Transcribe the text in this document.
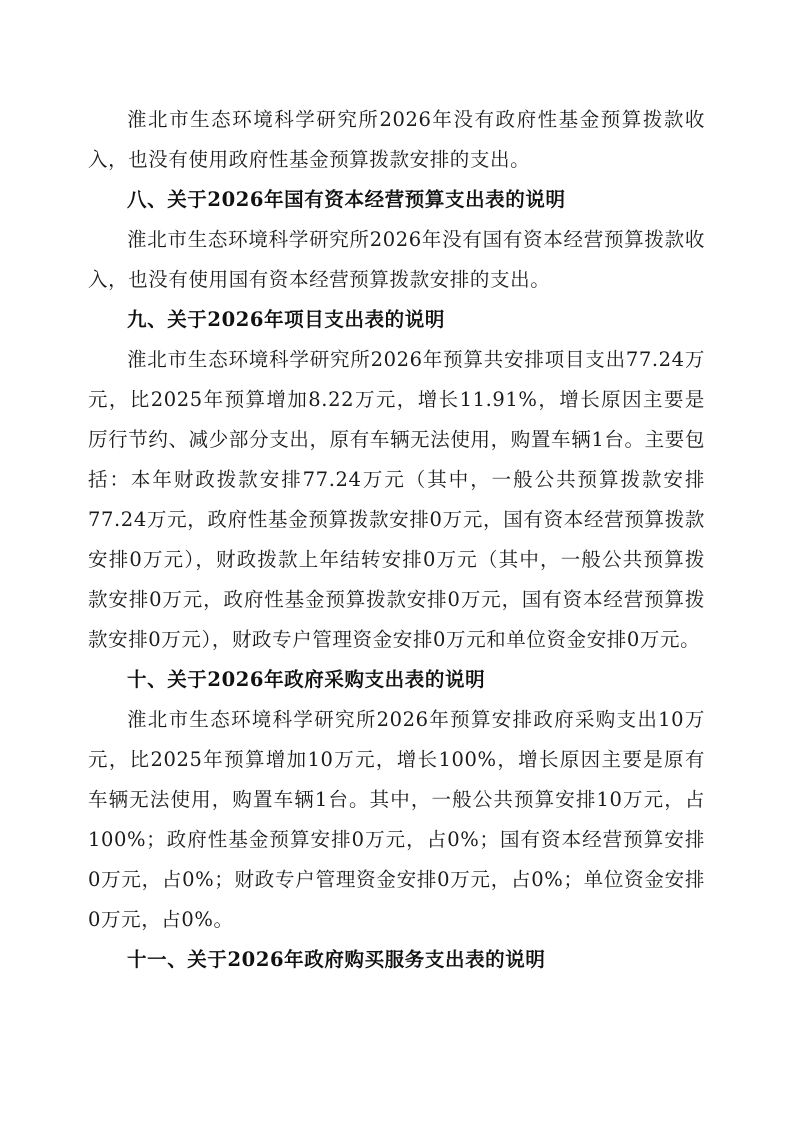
淮北市生态环境科学研究所2026年没有政府性基金预算拨款收入，也没有使用政府性基金预算拨款安排的支出。

八、关于2026年国有资本经营预算支出表的说明

淮北市生态环境科学研究所2026年没有国有资本经营预算拨款收入，也没有使用国有资本经营预算拨款安排的支出。

九、关于2026年项目支出表的说明

淮北市生态环境科学研究所2026年预算共安排项目支出77.24万元，比2025年预算增加8.22万元，增长11.91%，增长原因主要是厉行节约、减少部分支出，原有车辆无法使用，购置车辆1台。主要包括：本年财政拨款安排77.24万元（其中，一般公共预算拨款安排77.24万元，政府性基金预算拨款安排0万元，国有资本经营预算拨款安排0万元），财政拨款上年结转安排0万元（其中，一般公共预算拨款安排0万元，政府性基金预算拨款安排0万元，国有资本经营预算拨款安排0万元），财政专户管理资金安排0万元和单位资金安排0万元。

十、关于2026年政府采购支出表的说明

淮北市生态环境科学研究所2026年预算安排政府采购支出10万元，比2025年预算增加10万元，增长100%，增长原因主要是原有车辆无法使用，购置车辆1台。其中，一般公共预算安排10万元，占100%；政府性基金预算安排0万元，占0%；国有资本经营预算安排0万元，占0%；财政专户管理资金安排0万元，占0%；单位资金安排0万元，占0%。

十一、关于2026年政府购买服务支出表的说明
